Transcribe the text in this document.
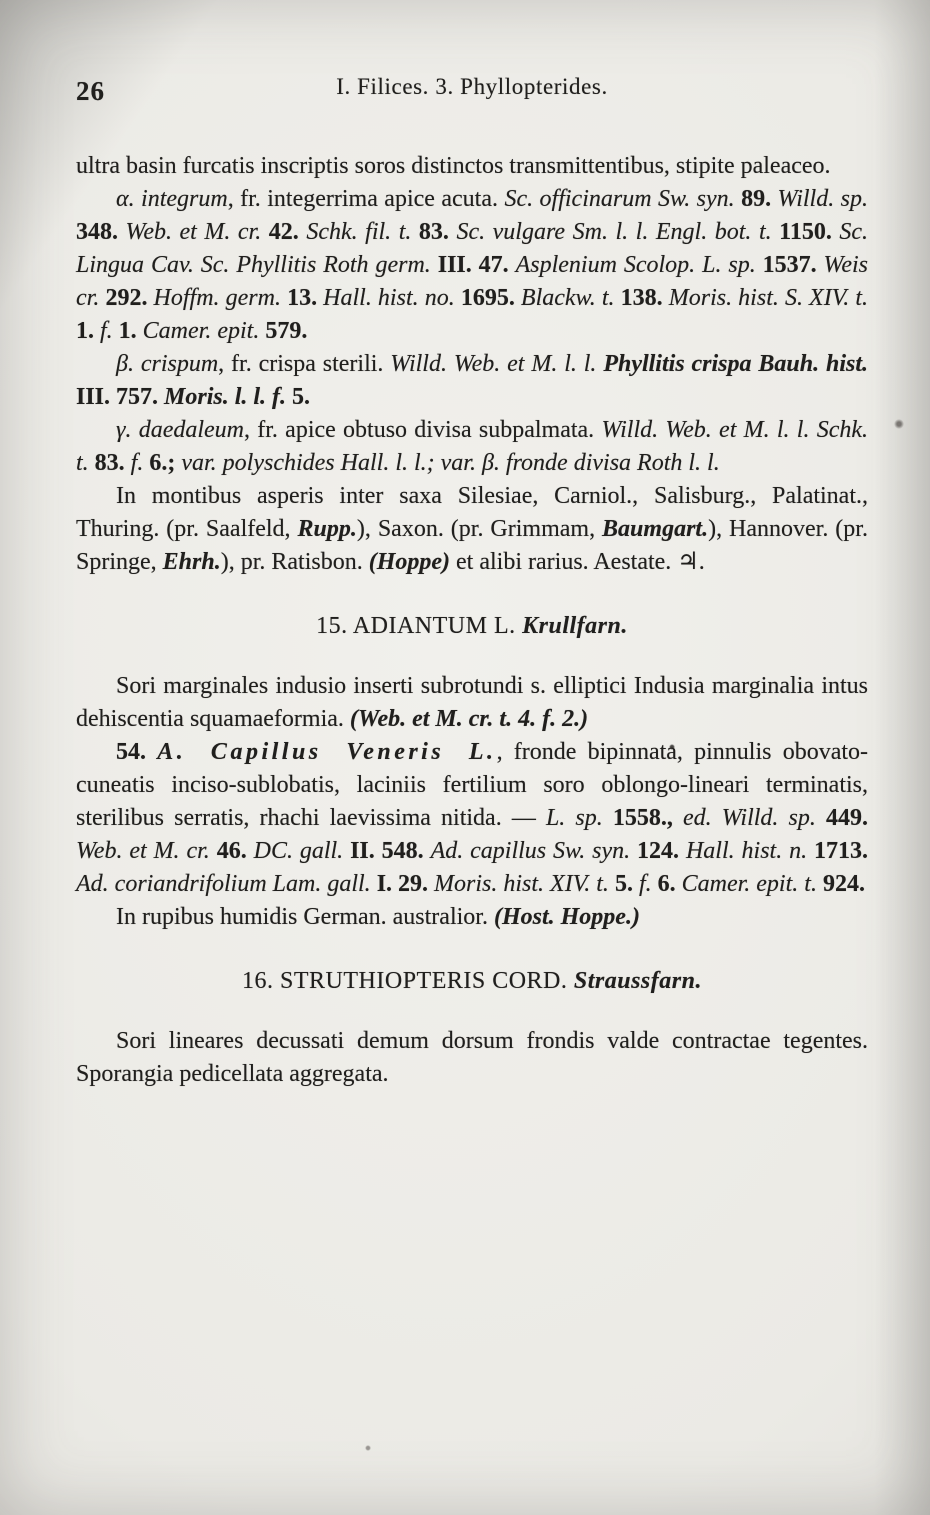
26	I. Filices. 3. Phyllopterides.

ultra basin furcatis inscriptis soros distinctos transmittentibus, stipite paleaceo.

α. integrum, fr. integerrima apice acuta. Sc. officinarum Sw. syn. 89. Willd. sp. 348. Web. et M. cr. 42. Schk. fil. t. 83. Sc. vulgare Sm. l. l. Engl. bot. t. 1150. Sc. Lingua Cav. Sc. Phyllitis Roth germ. III. 47. Asplenium Scolop. L. sp. 1537. Weis cr. 292. Hoffm. germ. 13. Hall. hist. no. 1695. Blackw. t. 138. Moris. hist. S. XIV. t. 1. f. 1. Camer. epit. 579.

β. crispum, fr. crispa sterili. Willd. Web. et M. l. l. Phyllitis crispa Bauh. hist. III. 757. Moris. l. l. f. 5.

γ. daedaleum, fr. apice obtuso divisa subpalmata. Willd. Web. et M. l. l. Schk. t. 83. f. 6.; var. polyschides Hall. l. l.; var. β. fronde divisa Roth l. l.

In montibus asperis inter saxa Silesiae, Carniol., Salisburg., Palatinat., Thuring. (pr. Saalfeld, Rupp.), Saxon. (pr. Grimmam, Baumgart.), Hannover. (pr. Springe, Ehrh.), pr. Ratisbon. (Hoppe) et alibi rarius. Aestate. ♃.

15. ADIANTUM L. Krullfarn.

Sori marginales indusio inserti subrotundi s. elliptici Indusia marginalia intus dehiscentia squamaeformia. (Web. et M. cr. t. 4. f. 2.)

54. A. Capillus Veneris L., fronde bipinnata, pinnulis obovato-cuneatis inciso-sublobatis, laciniis fertilium soro oblongo-lineari terminatis, sterilibus serratis, rhachi laevissima nitida. — L. sp. 1558., ed. Willd. sp. 449. Web. et M. cr. 46. DC. gall. II. 548. Ad. capillus Sw. syn. 124. Hall. hist. n. 1713. Ad. coriandrifolium Lam. gall. I. 29. Moris. hist. XIV. t. 5. f. 6. Camer. epit. t. 924.

In rupibus humidis German. australior. (Host. Hoppe.)

16. STRUTHIOPTERIS CORD. Straussfarn.

Sori lineares decussati demum dorsum frondis valde contractae tegentes. Sporangia pedicellata aggregata.
